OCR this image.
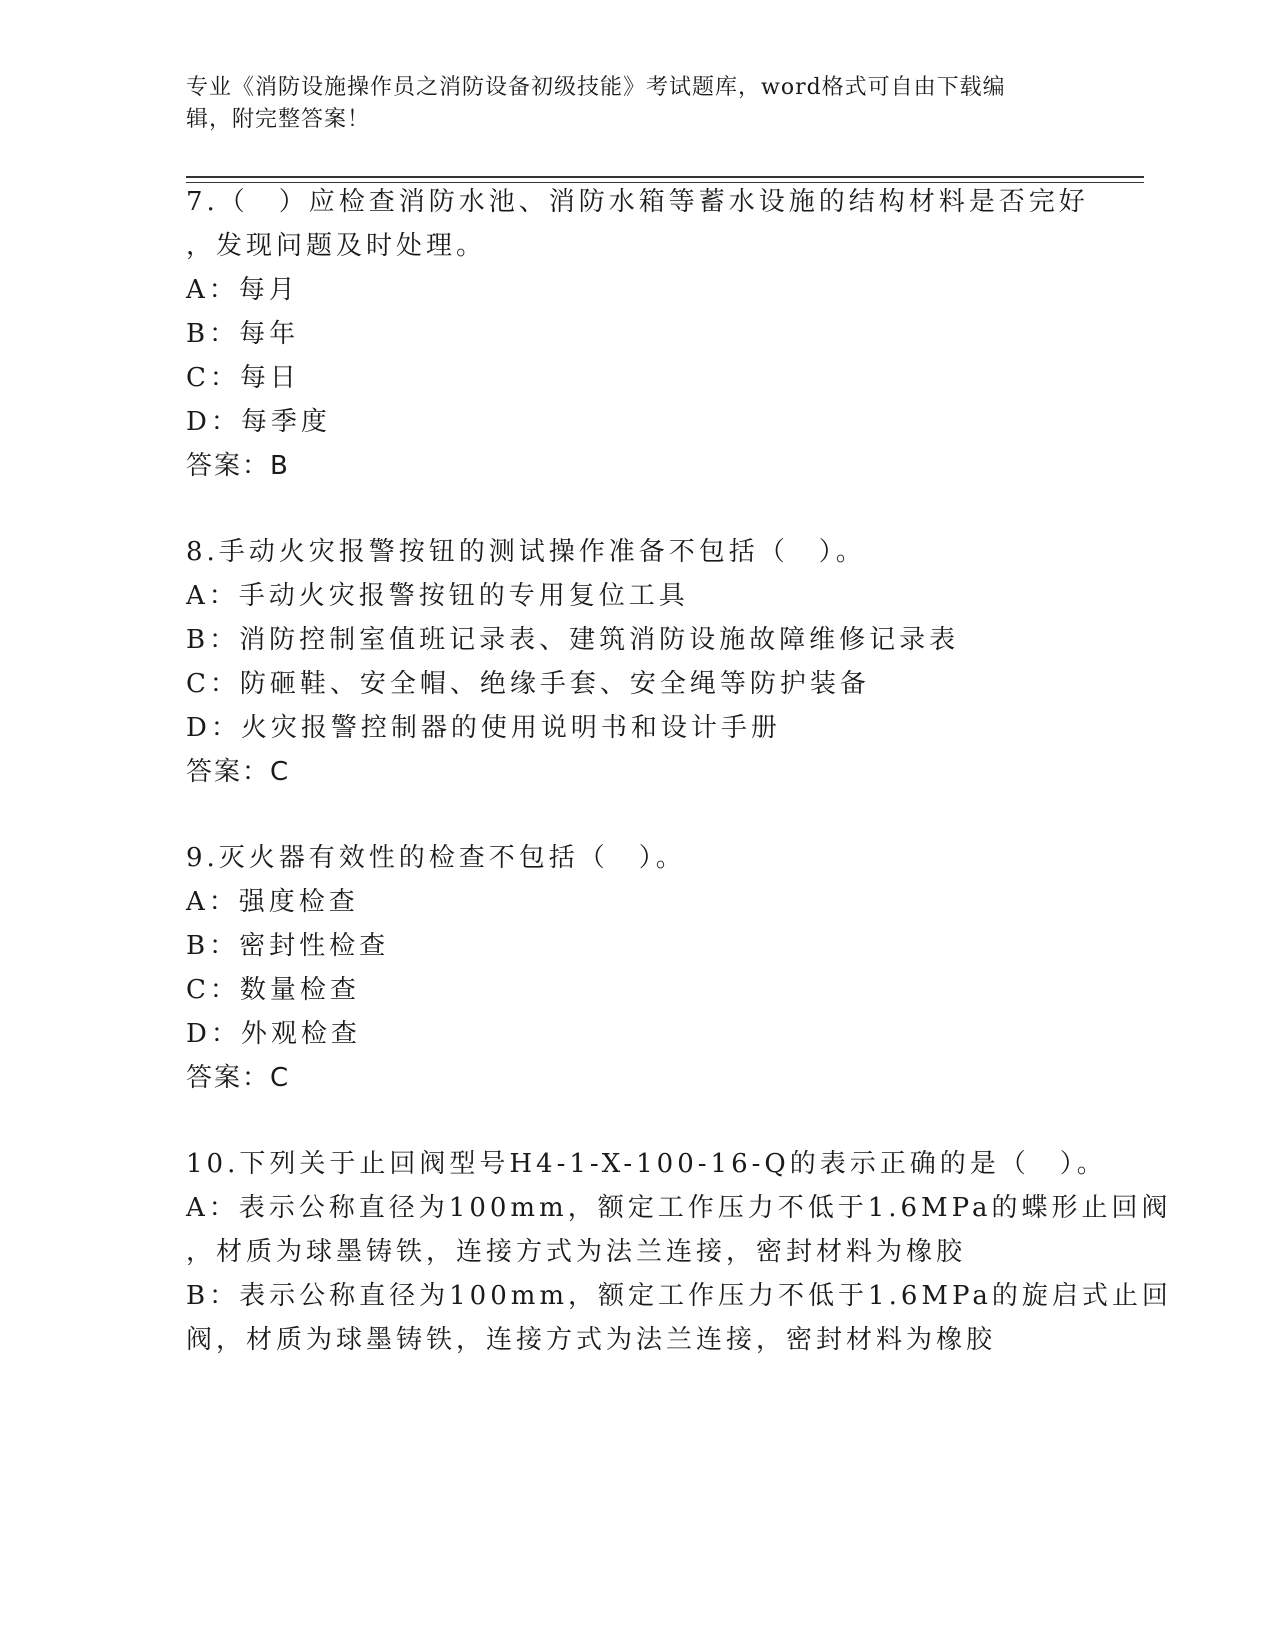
专业《消防设施操作员之消防设备初级技能》考试题库，word格式可自由下载编
辑，附完整答案！
7.（　）应检查消防水池、消防水箱等蓄水设施的结构材料是否完好
，发现问题及时处理。
A：每月
B：每年
C：每日
D：每季度
答案：B
8.手动火灾报警按钮的测试操作准备不包括（　）。
A：手动火灾报警按钮的专用复位工具
B：消防控制室值班记录表、建筑消防设施故障维修记录表
C：防砸鞋、安全帽、绝缘手套、安全绳等防护装备
D：火灾报警控制器的使用说明书和设计手册
答案：C
9.灭火器有效性的检查不包括（　）。
A：强度检查
B：密封性检查
C：数量检查
D：外观检查
答案：C
10.下列关于止回阀型号H4-1-X-100-16-Q的表示正确的是（　）。
A：表示公称直径为100mm，额定工作压力不低于1.6MPa的蝶形止回阀
，材质为球墨铸铁，连接方式为法兰连接，密封材料为橡胶
B：表示公称直径为100mm，额定工作压力不低于1.6MPa的旋启式止回
阀，材质为球墨铸铁，连接方式为法兰连接，密封材料为橡胶
